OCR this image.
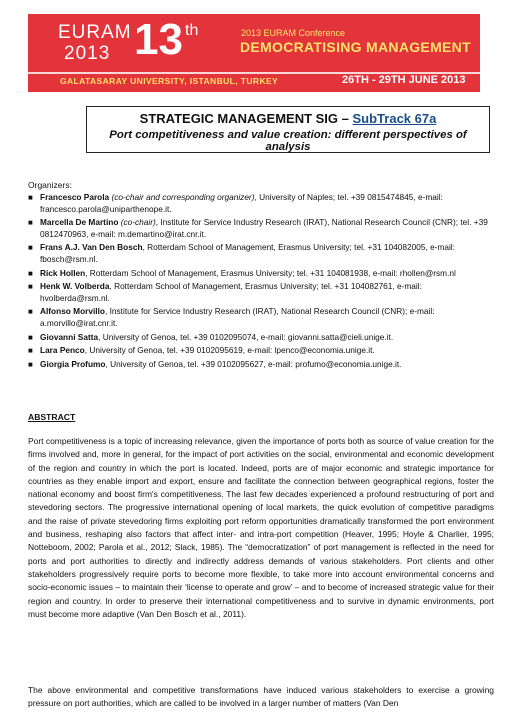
EURAM
2013 13 th	2013 EURAM Conference
DEMOCRATISING MANAGEMENT
GALATASARAY UNIVERSITY, ISTANBUL, TURKEY	26TH - 29TH JUNE 2013
STRATEGIC MANAGEMENT SIG – SubTrack 67a
Port competitiveness and value creation: different perspectives of analysis
Organizers:
■ Francesco Parola (co-chair and corresponding organizer), University of Naples; tel. +39 0815474845, e-mail: francesco.parola@uniparthenope.it.
■ Marcella De Martino (co-chair), Institute for Service Industry Research (IRAT), National Research Council (CNR); tel. +39 0812470963, e-mail: m.demartino@irat.cnr.it.
■ Frans A.J. Van Den Bosch, Rotterdam School of Management, Erasmus University; tel. +31 104082005, e-mail: fbosch@rsm.nl.
■ Rick Hollen, Rotterdam School of Management, Erasmus University; tel. +31 104081938, e-mail: rhollen@rsm.nl
■ Henk W. Volberda, Rotterdam School of Management, Erasmus University; tel. +31 104082761, e-mail: hvolberda@rsm.nl.
■ Alfonso Morvillo, Institute for Service Industry Research (IRAT), National Research Council (CNR); e-mail: a.morvillo@irat.cnr.it.
■ Giovanni Satta, University of Genoa, tel. +39 0102095074, e-mail: giovanni.satta@cieli.unige.it.
■ Lara Penco, University of Genoa, tel. +39 0102095619, e-mail: lpenco@economia.unige.it.
■ Giorgia Profumo, University of Genoa, tel. +39 0102095627, e-mail: profumo@economia.unige.it.
ABSTRACT

Port competitiveness is a topic of increasing relevance, given the importance of ports both as source of value creation for the firms involved and, more in general, for the impact of port activities on the social, environmental and economic development of the region and country in which the port is located. Indeed, ports are of major economic and strategic importance for countries as they enable import and export, ensure and facilitate the connection between geographical regions, foster the national economy and boost firm's competitiveness. The last few decades experienced a profound restructuring of port and stevedoring sectors. The progressive international opening of local markets, the quick evolution of competitive paradigms and the raise of private stevedoring firms exploiting port reform opportunities dramatically transformed the port environment and business, reshaping also factors that affect inter- and intra-port competition (Heaver, 1995; Hoyle & Charlier, 1995; Notteboom, 2002; Parola et al., 2012; Slack, 1985). The “democratization” of port management is reflected in the need for ports and port authorities to directly and indirectly address demands of various stakeholders. Port clients and other stakeholders progressively require ports to become more flexible, to take more into account environmental concerns and socio-economic issues – to maintain their ‘license to operate and grow’ – and to become of increased strategic value for their region and country. In order to preserve their international competitiveness and to survive in dynamic environments, port must become more adaptive (Van Den Bosch et al., 2011).

The above environmental and competitive transformations have induced various stakeholders to exercise a growing pressure on port authorities, which are called to be involved in a larger number of matters (Van Den
